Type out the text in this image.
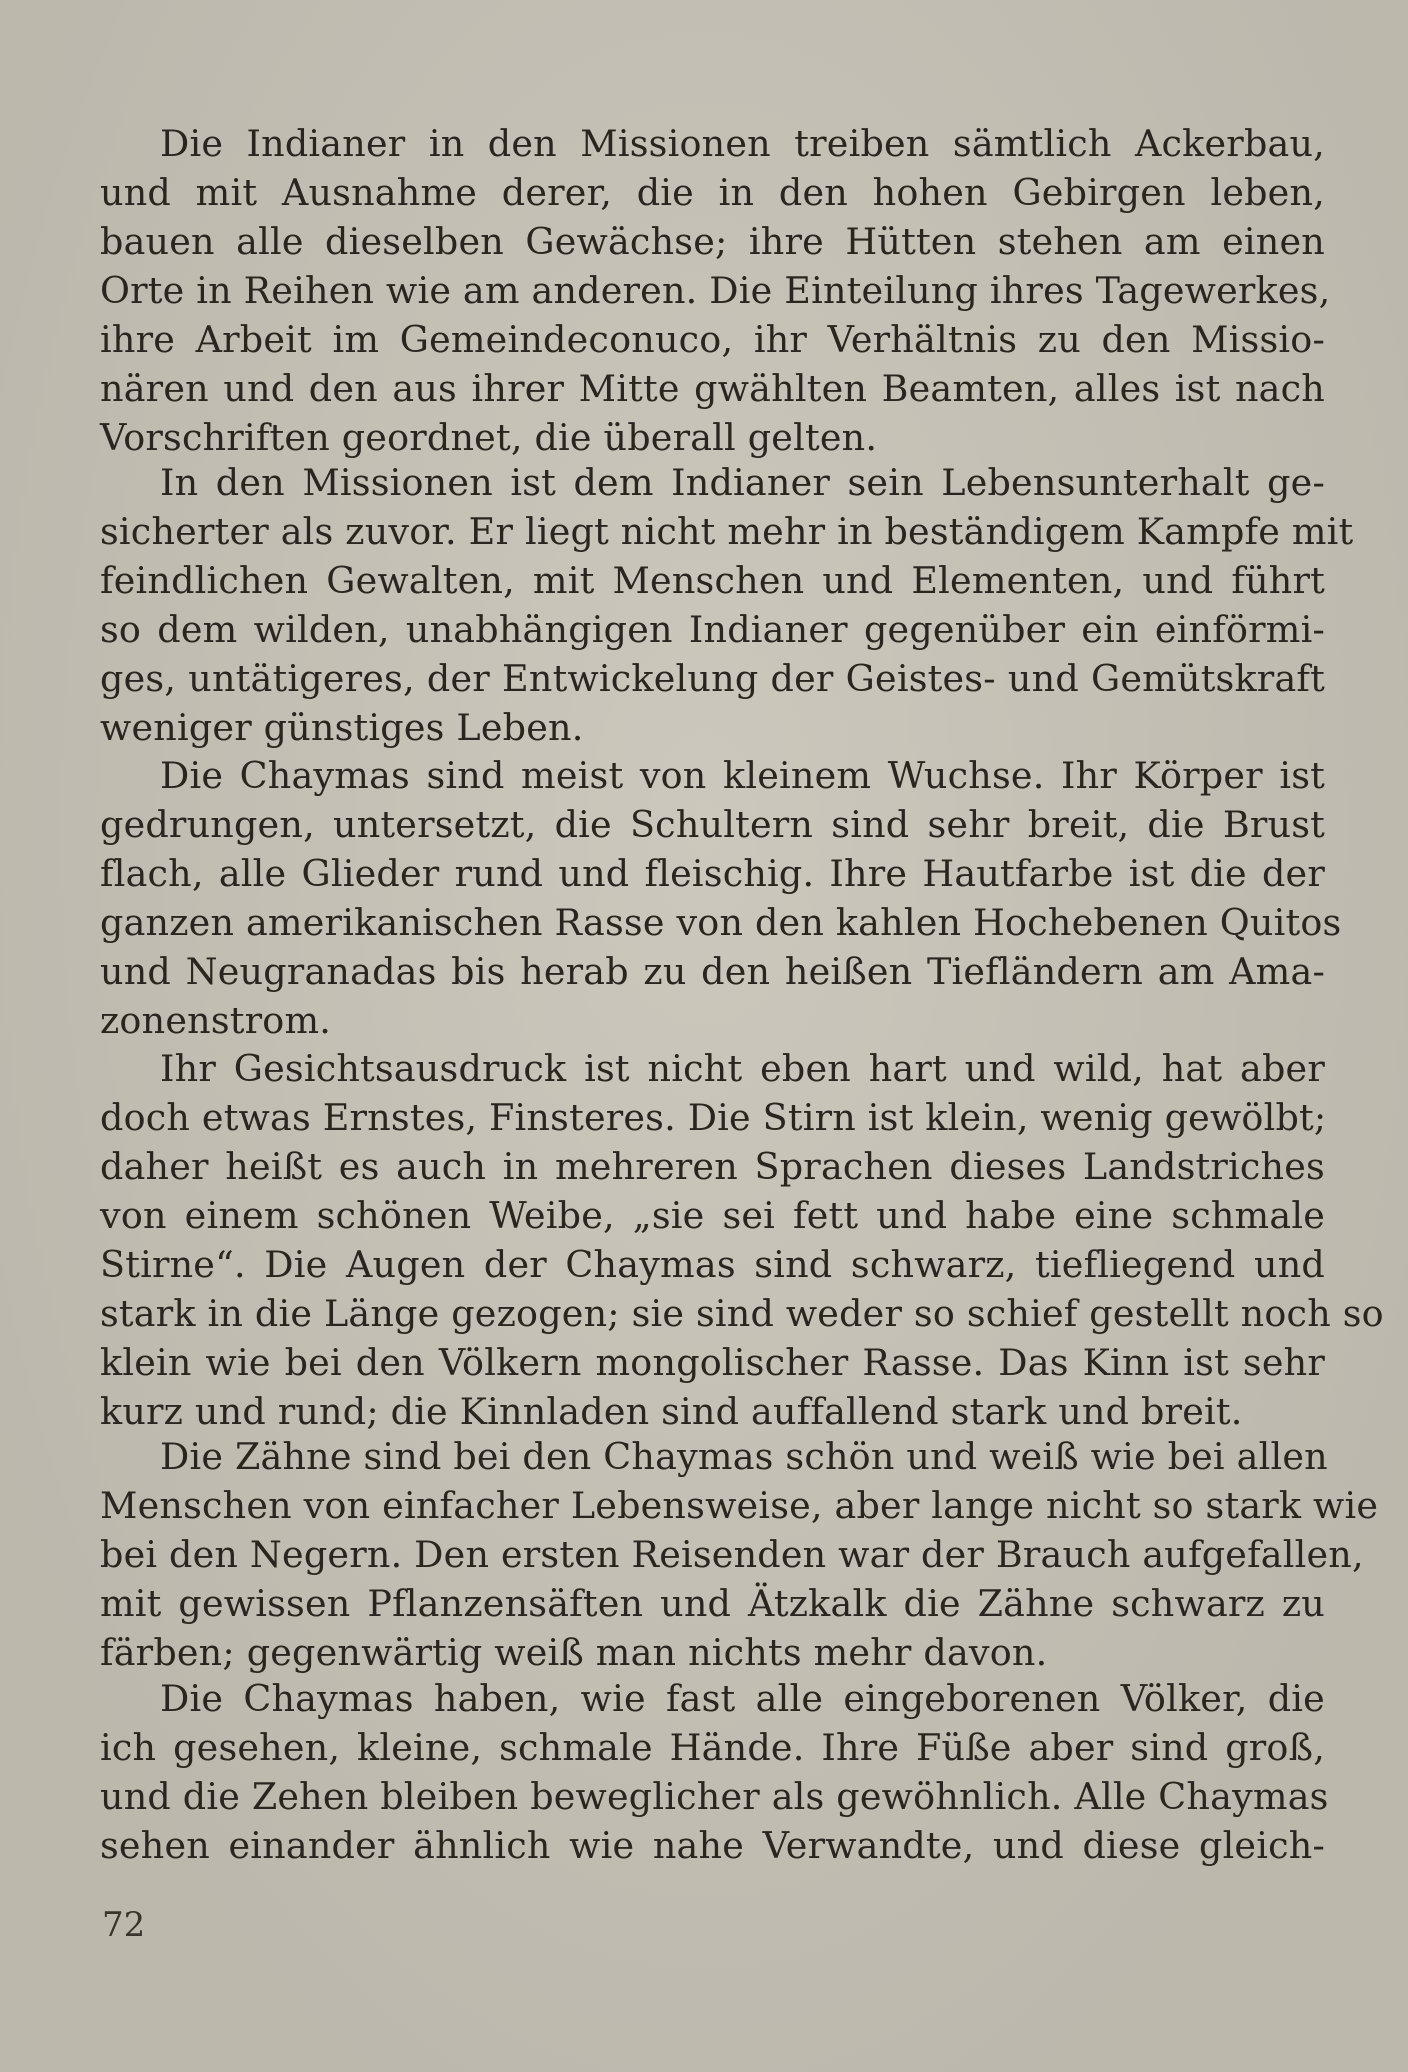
Die Indianer in den Missionen treiben sämtlich Ackerbau,
und mit Ausnahme derer, die in den hohen Gebirgen leben,
bauen alle dieselben Gewächse; ihre Hütten stehen am einen
Orte in Reihen wie am anderen. Die Einteilung ihres Tagewerkes,
ihre Arbeit im Gemeindeconuco, ihr Verhältnis zu den Missio-
nären und den aus ihrer Mitte gwählten Beamten, alles ist nach
Vorschriften geordnet, die überall gelten.
In den Missionen ist dem Indianer sein Lebensunterhalt ge-
sicherter als zuvor. Er liegt nicht mehr in beständigem Kampfe mit
feindlichen Gewalten, mit Menschen und Elementen, und führt
so dem wilden, unabhängigen Indianer gegenüber ein einförmi-
ges, untätigeres, der Entwickelung der Geistes- und Gemütskraft
weniger günstiges Leben.
Die Chaymas sind meist von kleinem Wuchse. Ihr Körper ist
gedrungen, untersetzt, die Schultern sind sehr breit, die Brust
flach, alle Glieder rund und fleischig. Ihre Hautfarbe ist die der
ganzen amerikanischen Rasse von den kahlen Hochebenen Quitos
und Neugranadas bis herab zu den heißen Tiefländern am Ama-
zonenstrom.
Ihr Gesichtsausdruck ist nicht eben hart und wild, hat aber
doch etwas Ernstes, Finsteres. Die Stirn ist klein, wenig gewölbt;
daher heißt es auch in mehreren Sprachen dieses Landstriches
von einem schönen Weibe, „sie sei fett und habe eine schmale
Stirne“. Die Augen der Chaymas sind schwarz, tiefliegend und
stark in die Länge gezogen; sie sind weder so schief gestellt noch so
klein wie bei den Völkern mongolischer Rasse. Das Kinn ist sehr
kurz und rund; die Kinnladen sind auffallend stark und breit.
Die Zähne sind bei den Chaymas schön und weiß wie bei allen
Menschen von einfacher Lebensweise, aber lange nicht so stark wie
bei den Negern. Den ersten Reisenden war der Brauch aufgefallen,
mit gewissen Pflanzensäften und Ätzkalk die Zähne schwarz zu
färben; gegenwärtig weiß man nichts mehr davon.
Die Chaymas haben, wie fast alle eingeborenen Völker, die
ich gesehen, kleine, schmale Hände. Ihre Füße aber sind groß,
und die Zehen bleiben beweglicher als gewöhnlich. Alle Chaymas
sehen einander ähnlich wie nahe Verwandte, und diese gleich-
72
